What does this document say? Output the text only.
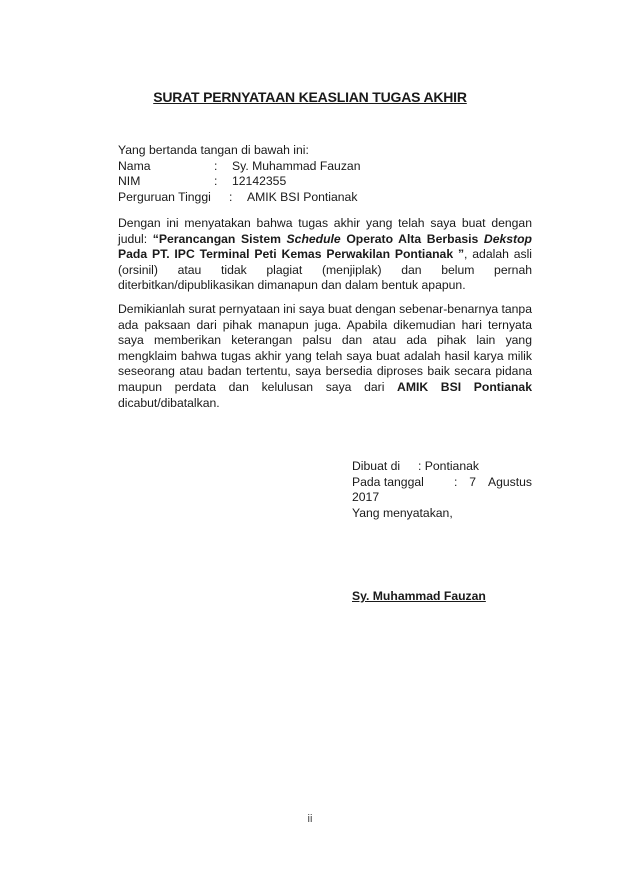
SURAT PERNYATAAN KEASLIAN TUGAS AKHIR
Yang bertanda tangan di bawah ini:
Nama	:	Sy. Muhammad Fauzan
NIM	:	12142355
Perguruan Tinggi	:	AMIK BSI Pontianak
Dengan ini menyatakan bahwa tugas akhir yang telah saya buat dengan judul: “Perancangan Sistem Schedule Operato Alta Berbasis Dekstop Pada PT. IPC Terminal Peti Kemas Perwakilan Pontianak ”, adalah asli (orsinil) atau tidak plagiat (menjiplak) dan belum pernah diterbitkan/dipublikasikan dimanapun dan dalam bentuk apapun.
Demikianlah surat pernyataan ini saya buat dengan sebenar-benarnya tanpa ada paksaan dari pihak manapun juga. Apabila dikemudian hari ternyata saya memberikan keterangan palsu dan atau ada pihak lain yang mengklaim bahwa tugas akhir yang telah saya buat adalah hasil karya milik seseorang atau badan tertentu, saya bersedia diproses baik secara pidana maupun perdata dan kelulusan saya dari AMIK BSI Pontianak dicabut/dibatalkan.
Dibuat di	: Pontianak
Pada tanggal	: 7 Agustus
2017
Yang menyatakan,
Sy. Muhammad Fauzan
ii
